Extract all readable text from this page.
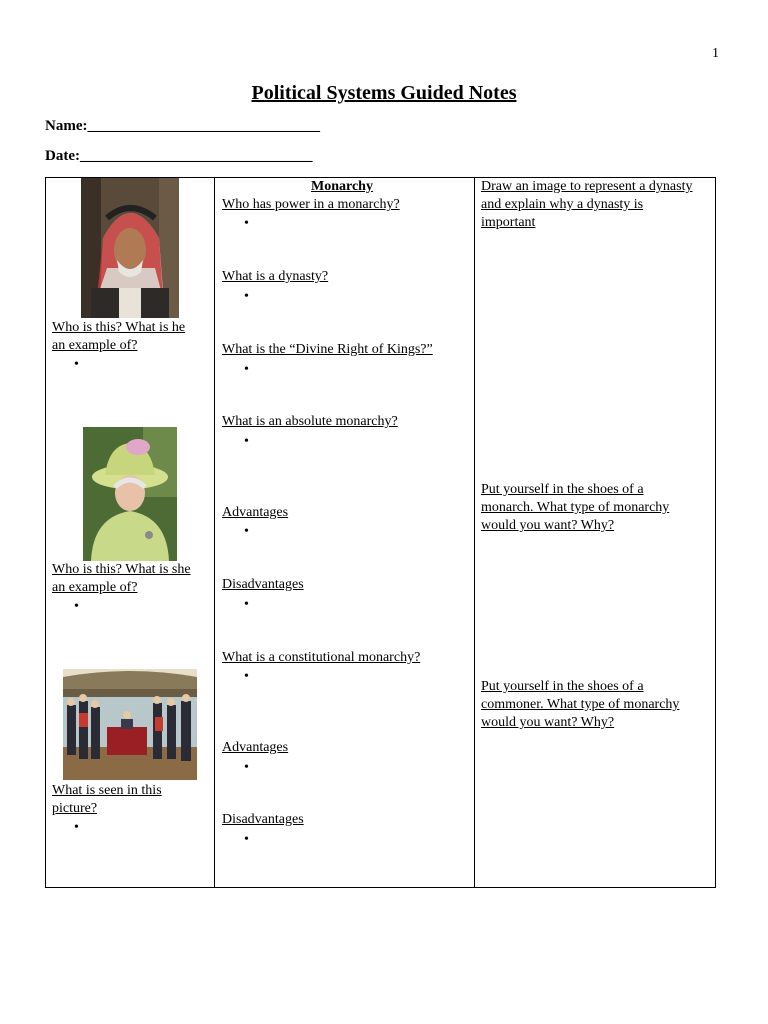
1
Political Systems Guided Notes
Name:_______________________________
Date:_______________________________
Who is this? What is he
an example of?
•
Who is this? What is she
an example of?
•
What is seen in this
picture?
•
Monarchy
Who has power in a monarchy?
•
What is a dynasty?
•
What is the “Divine Right of Kings?”
•
What is an absolute monarchy?
•
Advantages
•
Disadvantages
•
What is a constitutional monarchy?
•
Advantages
•
Disadvantages
•
Draw an image to represent a dynasty
and explain why a dynasty is
important
Put yourself in the shoes of a
monarch. What type of monarchy
would you want? Why?
Put yourself in the shoes of a
commoner. What type of monarchy
would you want? Why?
